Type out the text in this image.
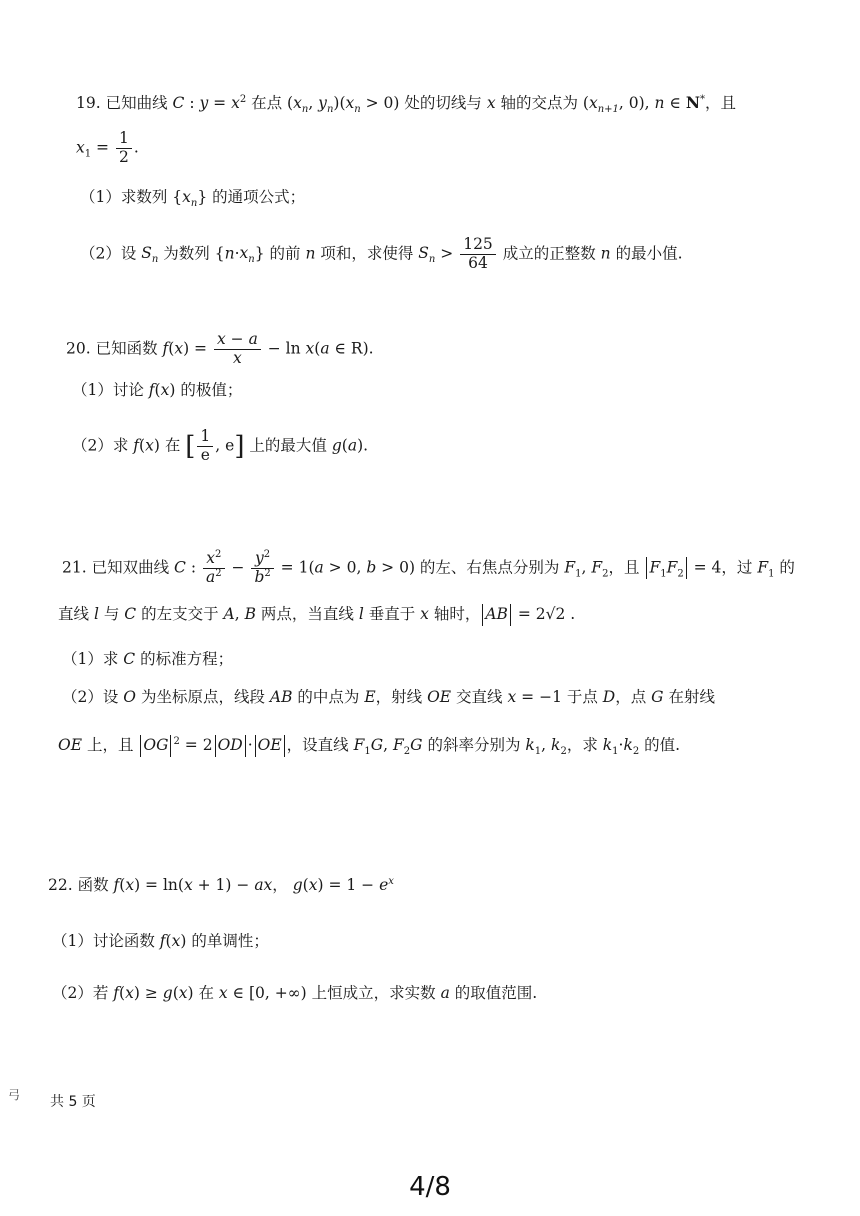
19. 已知曲线 C : $y = x^2$ 在点 ($x_n$, $y_n)(x_n > 0)$ 处的切线与 x 轴的交点为 ($x_{n+1}$, 0), n ∈ N*，且
$x_1 = \frac{1}{2}$ .
（1）求数列 $\{x_n\}$ 的通项公式；
（2）设 $S_n$ 为数列 $\{n\cdot x_n\}$ 的前 n 项和，求使得 $S_n > \frac{125}{64}$ 成立的正整数 n 的最小值.
20. 已知函数 $f(x) = \frac{x - a}{x} - \ln x(a$ ∈ R).
（1）讨论 f(x) 的极值；
（2）求 f(x) 在 [ $\frac{1}{e}$ , e] 上的最大值 g(a).
21. 已知双曲线 C : $\frac{x^2}{a^2} - \frac{y^2}{b^2} = 1(a > 0$, b > 0) 的左、右焦点分别为 $F_1$, $F_2$，且 $F_1F_2 = 4$，过 $F_1$ 的
直线 l 与 C 的左支交于 A, B 两点，当直线 l 垂直于 x 轴时， AB = 2√2 .
（1）求 C 的标准方程；
（2）设 O 为坐标原点，线段 AB 的中点为 E，射线 OE 交直线 x = −1 于点 D，点 G 在射线
OE 上，且 OG $^2$ = 2 OD · OE ，设直线 $F_1G$, $F_2G$ 的斜率分别为 $k_1$, $k_2$，求 $k_1\cdot k_2$ 的值.
22. 函数 f(x) = ln(x + 1) − ax， $g(x) = 1 - e^x$
（1）讨论函数 f(x) 的单调性；
（2）若 f(x) ≥ g(x) 在 x ∈ [0, +∞) 上恒成立，求实数 a 的取值范围.
弓 共 5 页
4/8
